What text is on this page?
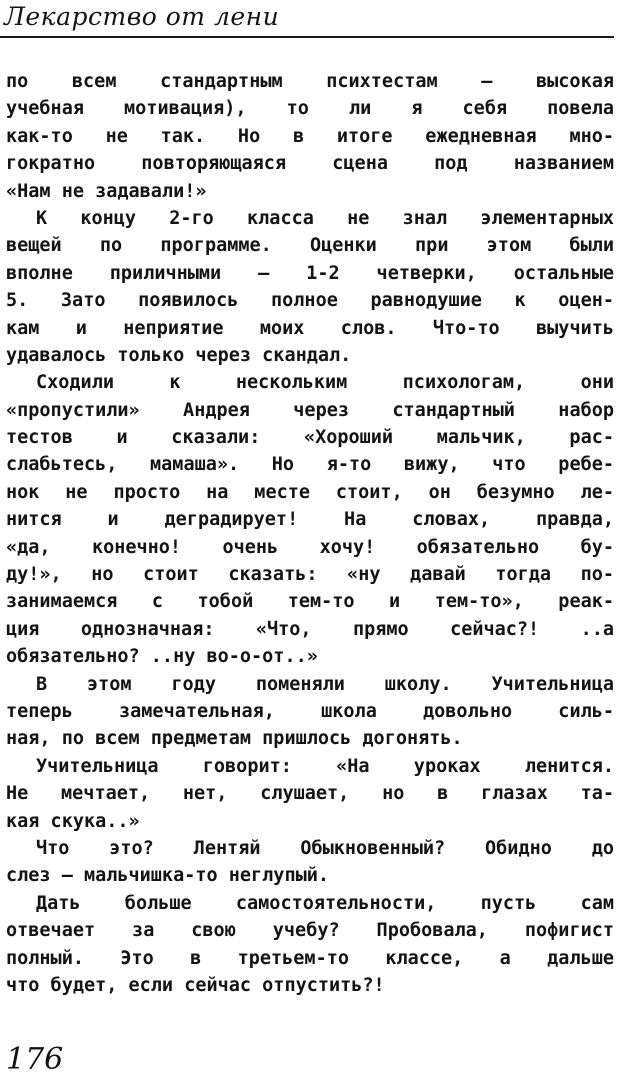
Лекарство от лени
по всем стандартным психтестам — высокая
учебная мотивация), то ли я себя повела
как-то не так. Но в итоге ежедневная мно-
гократно повторяющаяся сцена под названием
«Нам не задавали!»
К концу 2-го класса не знал элементарных
вещей по программе. Оценки при этом были
вполне приличными — 1-2 четверки, остальные
5. Зато появилось полное равнодушие к оцен-
кам и неприятие моих слов. Что-то выучить
удавалось только через скандал.
Сходили к нескольким психологам, они
«пропустили» Андрея через стандартный набор
тестов и сказали: «Хороший мальчик, рас-
слабьтесь, мамаша». Но я-то вижу, что ребе-
нок не просто на месте стоит, он безумно ле-
нится и деградирует! На словах, правда,
«да, конечно! очень хочу! обязательно бу-
ду!», но стоит сказать: «ну давай тогда по-
занимаемся с тобой тем-то и тем-то», реак-
ция однозначная: «Что, прямо сейчас?! ..а
обязательно? ..ну во-о-от..»
В этом году поменяли школу. Учительница
теперь замечательная, школа довольно силь-
ная, по всем предметам пришлось догонять.
Учительница говорит: «На уроках ленится.
Не мечтает, нет, слушает, но в глазах та-
кая скука..»
Что это? Лентяй Обыкновенный? Обидно до
слез — мальчишка-то неглупый.
Дать больше самостоятельности, пусть сам
отвечает за свою учебу? Пробовала, пофигист
полный. Это в третьем-то классе, а дальше
что будет, если сейчас отпустить?!
176
